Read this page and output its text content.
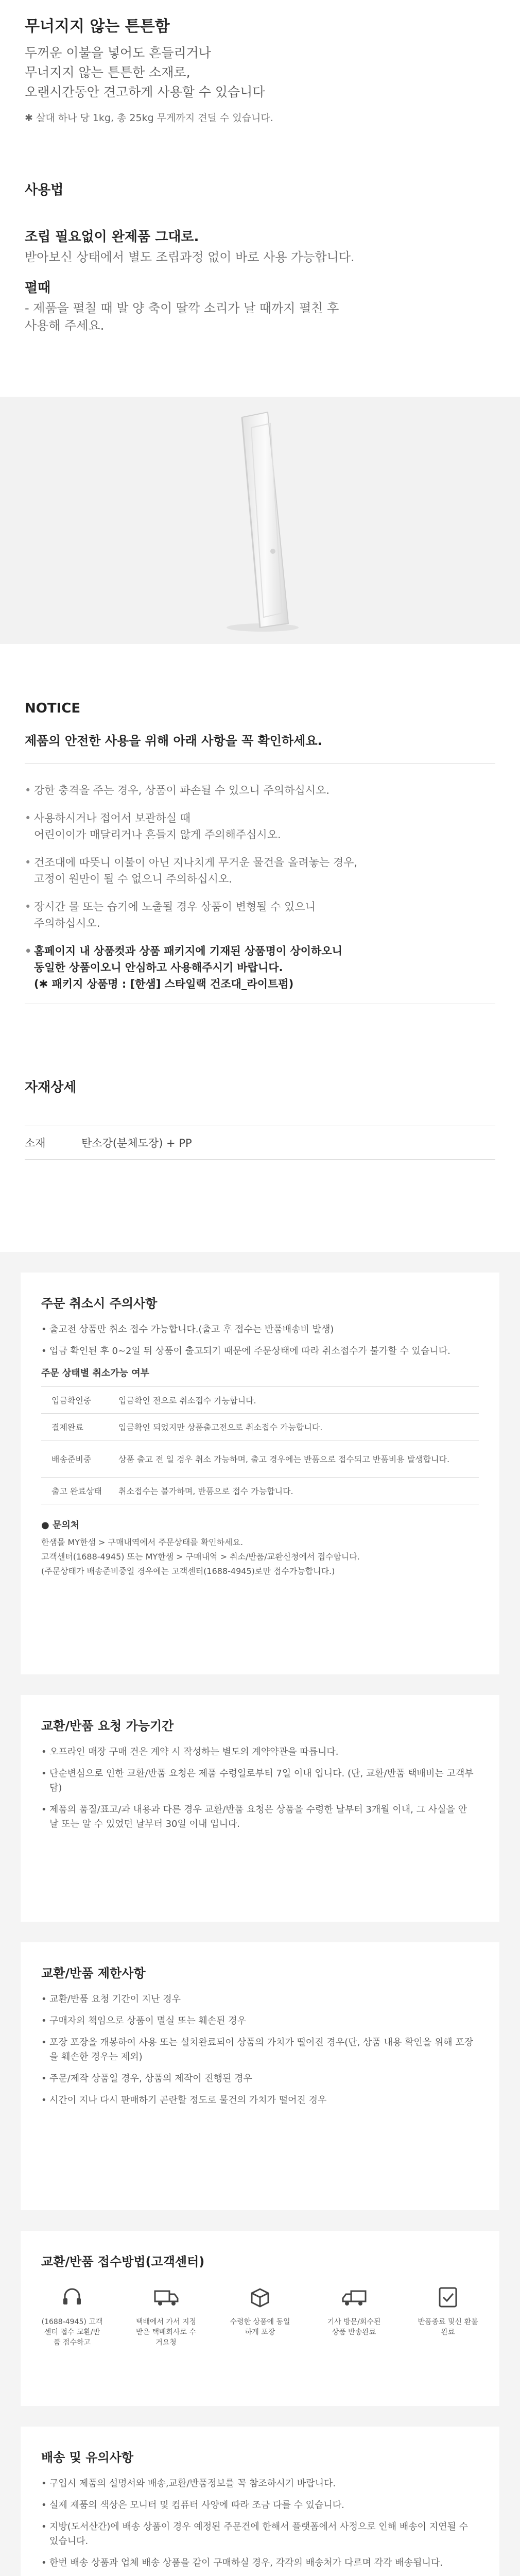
무너지지 않는 튼튼함
두꺼운 이불을 넣어도 흔들리거나
무너지지 않는 튼튼한 소재로,
오랜시간동안 견고하게 사용할 수 있습니다
✱ 살대 하나 당 1kg, 총 25kg 무게까지 견딜 수 있습니다.
사용법
조립 필요없이 완제품 그대로.
받아보신 상태에서 별도 조립과정 없이 바로 사용 가능합니다.
펼때
- 제품을 펼칠 때 발 양 축이 딸깍 소리가 날 때까지 펼친 후
사용해 주세요.
NOTICE
제품의 안전한 사용을 위해 아래 사항을 꼭 확인하세요.
• 강한 충격을 주는 경우, 상품이 파손될 수 있으니 주의하십시오.
• 사용하시거나 접어서 보관하실 때
어린이이가 매달리거나 흔들지 않게 주의해주십시오.
• 건조대에 따뜻니 이불이 아닌 지나치게 무거운 물건을 올려놓는 경우,
고정이 원만이 될 수 없으니 주의하십시오.
• 장시간 물 또는 습기에 노출될 경우 상품이 변형될 수 있으니
주의하십시오.
• 홈페이지 내 상품컷과 상품 패키지에 기재된 상품명이 상이하오니
동일한 상품이오니 안심하고 사용해주시기 바랍니다.
(✱ 패키지 상품명 : [한샘] 스타일랙 건조대_라이트펌)
자재상세
소재	탄소강(분체도장) + PP
주문 취소시 주의사항
• 출고전 상품만 취소 접수 가능합니다.(출고 후 접수는 반품배송비 발생)
• 입금 확인된 후 0~2일 뒤 상품이 출고되기 때문에 주문상태에 따라 취소접수가 불가할 수 있습니다.
주문 상태별 취소가능 여부
입금확인중	입금확인 전으로 취소접수 가능합니다.
결제완료	입금확인 되었지만 상품출고전으로 취소접수 가능합니다.
배송준비중	상품 출고 전 일 경우 취소 가능하며, 출고 경우에는 반품으로 접수되고 반품비용 발생합니다.
출고 완료상태	취소접수는 불가하며, 반품으로 접수 가능합니다.
● 문의처
한샘몰 MY한샘 > 구매내역에서 주문상태를 확인하세요.
고객센터(1688-4945) 또는 MY한샘 > 구매내역 > 취소/반품/교환신청에서 접수합니다.
(주문상태가 배송준비중일 경우에는 고객센터(1688-4945)로만 접수가능합니다.)
교환/반품 요청 가능기간
• 오프라인 매장 구매 건은 계약 시 작성하는 별도의 계약약관을 따릅니다.
• 단순변심으로 인한 교환/반품 요청은 제품 수령일로부터 7일 이내 입니다. (단, 교환/반품 택배비는 고객부담)
• 제품의 품질/표고/과 내용과 다른 경우 교환/반품 요청은 상품을 수령한 날부터 3개월 이내, 그 사실을 안 날 또는 알 수 있었던 날부터 30일 이내 입니다.
교환/반품 제한사항
• 교환/반품 요청 기간이 지난 경우
• 구매자의 책임으로 상품이 멸실 또는 훼손된 경우
• 포장 포장을 개봉하여 사용 또는 설치완료되어 상품의 가치가 떨어진 경우(단, 상품 내용 확인을 위해 포장을 훼손한 경우는 제외)
• 주문/제작 상품일 경우, 상품의 제작이 진행된 경우
• 시간이 지나 다시 판매하기 곤란할 정도로 물건의 가치가 떨어진 경우
교환/반품 접수방법(고객센터)
(1688-4945) 고객센터 접수 교환/반품 접수하고
택배에서 가서 지정받은 택배회사로 수거요청
수령한 상품에 동일하게 포장
기사 방문/회수된 상품 반송완료
반품종료 및신 환불 완료
배송 및 유의사항
• 구입시 제품의 설명서와 배송,교환/반품정보를 꼭 참조하시기 바랍니다.
• 실제 제품의 색상은 모니터 및 컴퓨터 사양에 따라 조금 다를 수 있습니다.
• 지방(도서산간)에 배송 상품이 경우 예정된 주문건에 한해서 플랫폼에서 사정으로 인해 배송이 지연될 수 있습니다.
• 한번 배송 상품과 업체 배송 상품을 같이 구매하실 경우, 각각의 배송처가 다르며 각각 배송됩니다.
